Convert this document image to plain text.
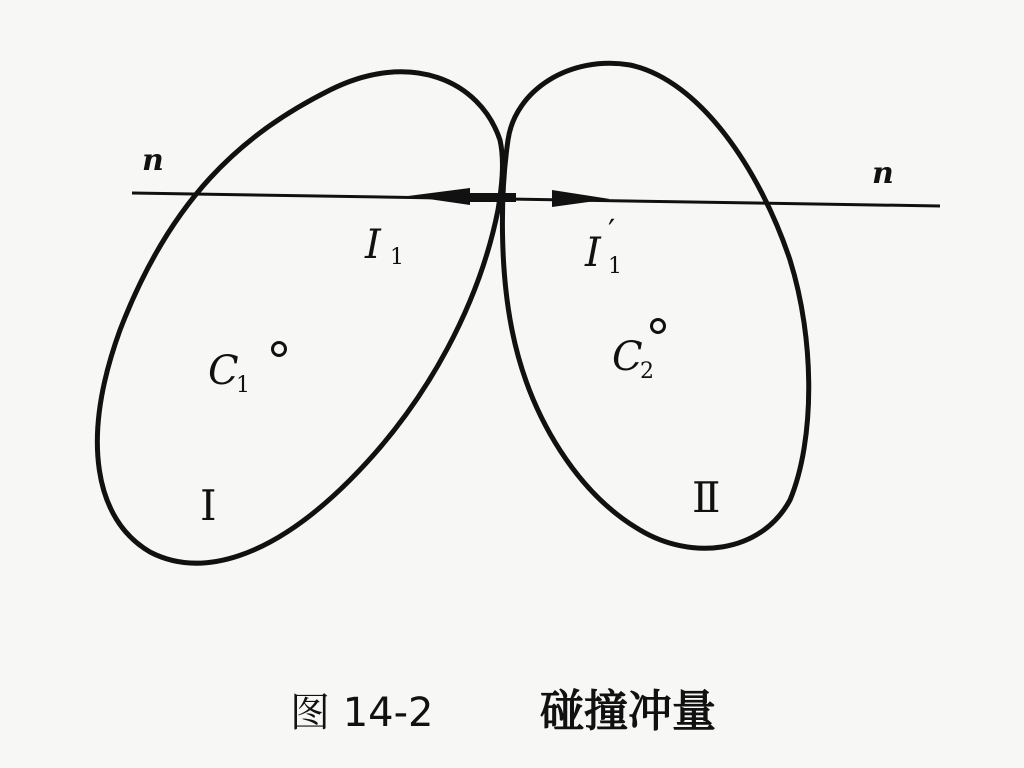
n	n
I 1	I ′
1
C
1
C
2
I	Ⅱ
图 14-2 碰撞冲量
